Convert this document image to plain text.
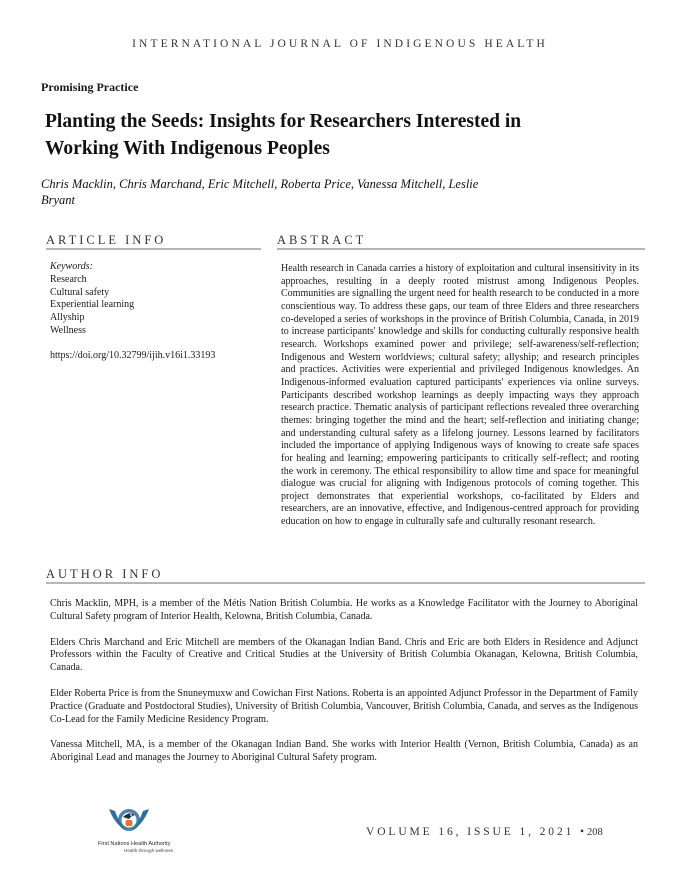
INTERNATIONAL JOURNAL OF INDIGENOUS HEALTH
Promising Practice
Planting the Seeds: Insights for Researchers Interested in
Working With Indigenous Peoples
Chris Macklin, Chris Marchand, Eric Mitchell, Roberta Price, Vanessa Mitchell, Leslie
Bryant
ARTICLE INFO	ABSTRACT
Keywords:
Research
Cultural safety
Experiential learning
Allyship
Wellness
https://doi.org/10.32799/ijih.v16i1.33193
Health research in Canada carries a history of exploitation and cultural insensitivity in its approaches, resulting in a deeply rooted mistrust among Indigenous Peoples. Communities are signalling the urgent need for health research to be conducted in a more conscientious way. To address these gaps, our team of three Elders and three researchers co-developed a series of workshops in the province of British Columbia, Canada, in 2019 to increase participants' knowledge and skills for conducting culturally responsive health research. Workshops examined power and privilege; self-awareness/self-reflection; Indigenous and Western worldviews; cultural safety; allyship; and research principles and practices. Activities were experiential and privileged Indigenous knowledges. An Indigenous-informed evaluation captured participants' experiences via online surveys. Participants described workshop learnings as deeply impacting ways they approach research practice. Thematic analysis of participant reflections revealed three overarching themes: bringing together the mind and the heart; self-reflection and initiating change; and understanding cultural safety as a lifelong journey. Lessons learned by facilitators included the importance of applying Indigenous ways of knowing to create safe spaces for healing and learning; empowering participants to critically self-reflect; and rooting the work in ceremony. The ethical responsibility to allow time and space for meaningful dialogue was crucial for aligning with Indigenous protocols of coming together. This project demonstrates that experiential workshops, co-facilitated by Elders and researchers, are an innovative, effective, and Indigenous-centred approach for providing education on how to engage in culturally safe and culturally resonant research.
AUTHOR INFO

Chris Macklin, MPH, is a member of the Métis Nation British Columbia. He works as a Knowledge Facilitator with the Journey to Aboriginal Cultural Safety program of Interior Health, Kelowna, British Columbia, Canada.

Elders Chris Marchand and Eric Mitchell are members of the Okanagan Indian Band. Chris and Eric are both Elders in Residence and Adjunct Professors within the Faculty of Creative and Critical Studies at the University of British Columbia Okanagan, Kelowna, British Columbia, Canada.

Elder Roberta Price is from the Snuneymuxw and Cowichan First Nations. Roberta is an appointed Adjunct Professor in the Department of Family Practice (Graduate and Postdoctoral Studies), University of British Columbia, Vancouver, British Columbia, Canada, and serves as the Indigenous Co-Lead for the Family Medicine Residency Program.

Vanessa Mitchell, MA, is a member of the Okanagan Indian Band. She works with Interior Health (Vernon, British Columbia, Canada) as an Aboriginal Lead and manages the Journey to Aboriginal Cultural Safety program.

First Nations Health Authority
Health through wellness
VOLUME 16, ISSUE 1, 2021 •208
